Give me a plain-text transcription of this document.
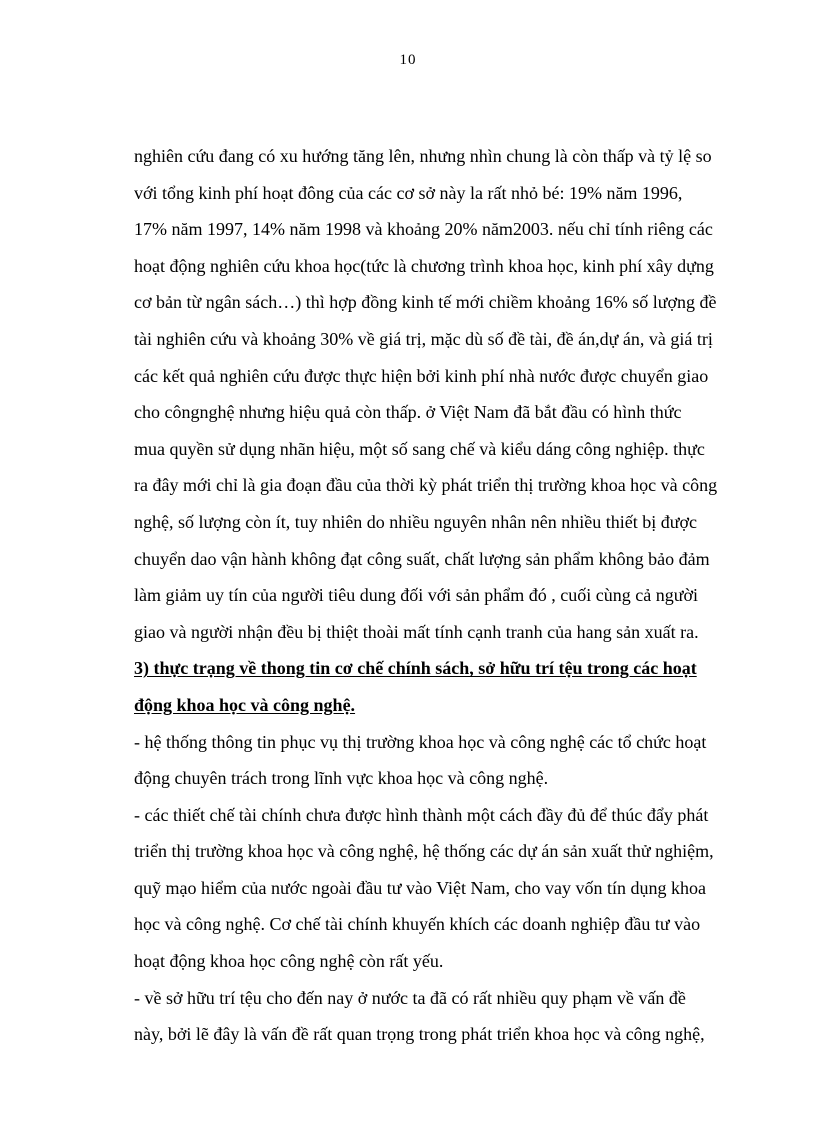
10
nghiên cứu đang có xu hướng tăng lên, nhưng nhìn chung là còn thấp và tỷ lệ so
với tổng kinh phí hoạt đông của các cơ sở này la rất nhỏ bé: 19% năm 1996,
17% năm 1997, 14% năm 1998 và khoảng 20% năm2003. nếu chỉ tính riêng các
hoạt động nghiên cứu khoa học(tức là chương trình khoa học, kinh phí xây dựng
cơ bản từ ngân sách…) thì hợp đồng kinh tế mới chiềm khoảng 16% số lượng đề
tài nghiên cứu và khoảng 30% về giá trị, mặc dù số đề tài, đề án,dự án, và giá trị
các kết quả nghiên cứu được thực hiện bởi kinh phí nhà nước được chuyển giao
cho côngnghệ nhưng hiệu quả còn thấp. ở Việt Nam đã bắt đầu có hình thức
mua quyền sử dụng nhãn hiệu, một số sang chế và kiểu dáng công nghiệp. thực
ra đây mới chỉ là gia đoạn đầu của thời kỳ phát triển thị trường khoa học và công
nghệ, số lượng còn ít, tuy nhiên do nhiều nguyên nhân nên nhiều thiết bị được
chuyển dao vận hành không đạt công suất, chất lượng sản phẩm không bảo đảm
làm giảm uy tín của người tiêu dung đối với sản phẩm đó , cuối cùng cả người
giao và người nhận đều bị thiệt thoài mất tính cạnh tranh của hang sản xuất ra.
3) thực trạng về thong tin cơ chế chính sách, sở hữu trí tệu trong các hoạt
động khoa học và công nghệ.
- hệ thống thông tin phục vụ thị trường khoa học và công nghệ các tổ chức hoạt
động chuyên trách trong lĩnh vực khoa học và công nghệ.
- các thiết chế tài chính chưa được hình thành một cách đầy đủ để thúc đẩy phát
triển thị trường khoa học và công nghệ, hệ thống các dự án sản xuất thử nghiệm,
quỹ mạo hiểm của nước ngoài đầu tư vào Việt Nam, cho vay vốn tín dụng khoa
học và công nghệ. Cơ chế tài chính khuyến khích các doanh nghiệp đầu tư vào
hoạt động khoa học công nghệ còn rất yếu.
- về sở hữu trí tệu cho đến nay ở nước ta đã có rất nhiều quy phạm về vấn đề
này, bởi lẽ đây là vấn đề rất quan trọng trong phát triển khoa học và công nghệ,
